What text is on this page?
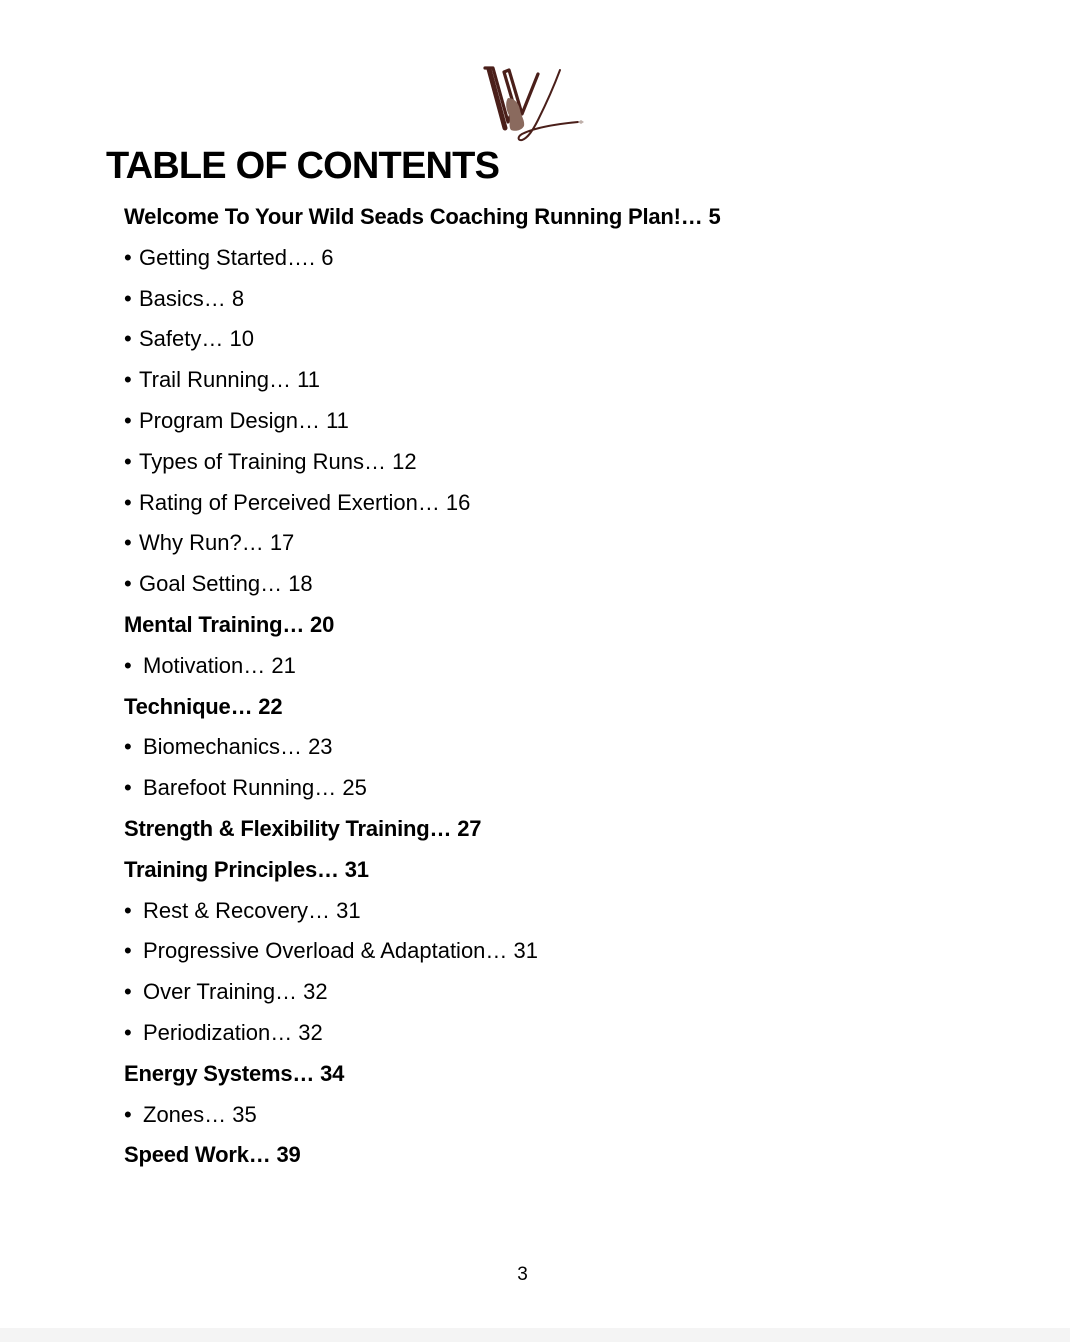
TABLE OF CONTENTS
Welcome To Your Wild Seads Coaching Running Plan!… 5
• Getting Started…. 6
• Basics… 8
• Safety… 10
• Trail Running… 11
• Program Design… 11
• Types of Training Runs… 12
• Rating of Perceived Exertion… 16
• Why Run?… 17
• Goal Setting… 18
Mental Training… 20
• Motivation… 21
Technique… 22
• Biomechanics… 23
• Barefoot Running… 25
Strength & Flexibility Training… 27
Training Principles… 31
• Rest & Recovery… 31
• Progressive Overload & Adaptation… 31
• Over Training… 32
• Periodization… 32
Energy Systems… 34
• Zones… 35
Speed Work… 39
3
